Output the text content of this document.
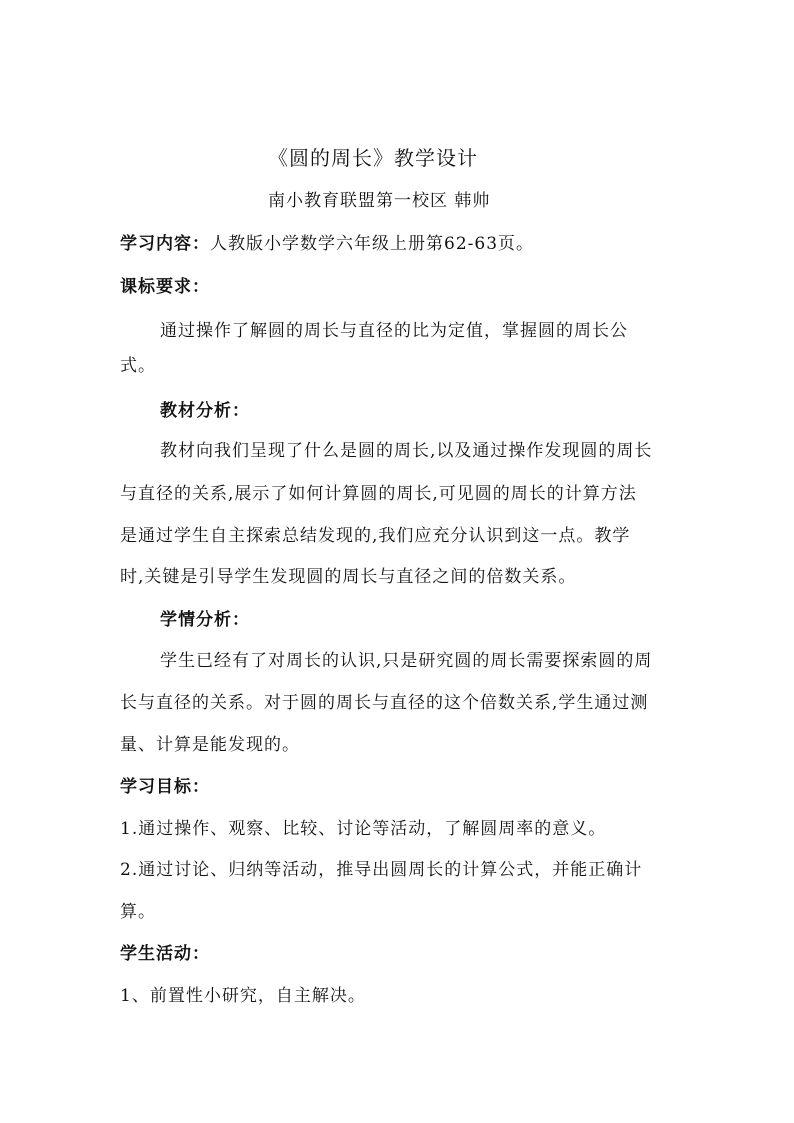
《圆的周长》教学设计
南小教育联盟第一校区 韩帅
学习内容：人教版小学数学六年级上册第62-63页。
课标要求：
通过操作了解圆的周长与直径的比为定值，掌握圆的周长公
式。
教材分析：
教材向我们呈现了什么是圆的周长,以及通过操作发现圆的周长
与直径的关系,展示了如何计算圆的周长,可见圆的周长的计算方法
是通过学生自主探索总结发现的,我们应充分认识到这一点。教学
时,关键是引导学生发现圆的周长与直径之间的倍数关系。
学情分析：
学生已经有了对周长的认识,只是研究圆的周长需要探索圆的周
长与直径的关系。对于圆的周长与直径的这个倍数关系,学生通过测
量、计算是能发现的。
学习目标：
1.通过操作、观察、比较、讨论等活动，了解圆周率的意义。
2.通过讨论、归纳等活动，推导出圆周长的计算公式，并能正确计
算。
学生活动：
1、前置性小研究，自主解决。
